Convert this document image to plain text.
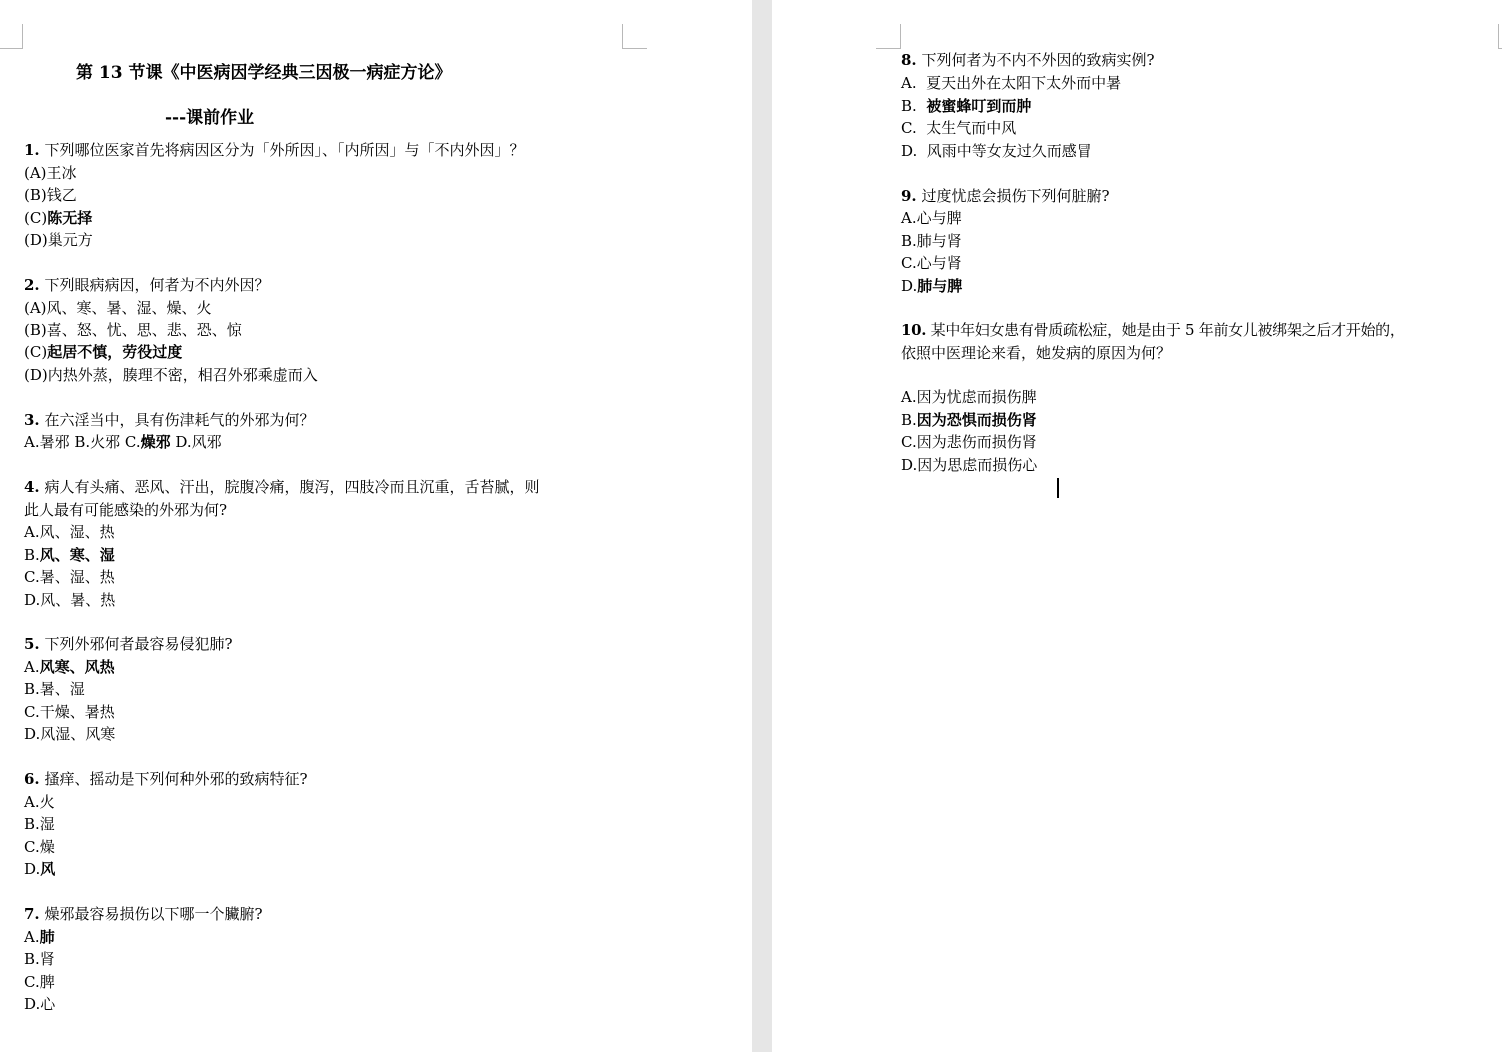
第 13 节课《中医病因学经典三因极一病症方论》
---课前作业
1. 下列哪位医家首先将病因区分为「外所因」、「内所因」与「不内外因」？
(A)王冰
(B)钱乙
(C)陈无择
(D)巢元方
2. 下列眼病病因，何者为不内外因？
(A)风、寒、暑、湿、燥、火
(B)喜、怒、忧、思、悲、恐、惊
(C)起居不慎，劳役过度
(D)内热外蒸，腠理不密，相召外邪乘虚而入
3. 在六淫当中，具有伤津耗气的外邪为何？
A.暑邪 B.火邪 C.燥邪 D.风邪
4. 病人有头痛、恶风、汗出，脘腹冷痛，腹泻，四肢冷而且沉重，舌苔腻，则
此人最有可能感染的外邪为何?
A.风、湿、热
B.风、寒、湿
C.暑、湿、热
D.风、暑、热
5. 下列外邪何者最容易侵犯肺?
A.风寒、风热
B.暑、湿
C.干燥、暑热
D.风湿、风寒
6. 搔痒、摇动是下列何种外邪的致病特征?
A.火
B.湿
C.燥
D.风
7. 燥邪最容易损伤以下哪一个臟腑?
A.肺
B.肾
C.脾
D.心
8. 下列何者为不内不外因的致病实例?
A.  夏天出外在太阳下太外而中暑
B.  被蜜蜂叮到而肿
C.  太生气而中风
D.  风雨中等女友过久而感冒
9. 过度忧虑会损伤下列何脏腑?
A.心与脾
B.肺与肾
C.心与肾
D.肺与脾
10. 某中年妇女患有骨质疏松症，她是由于 5 年前女儿被绑架之后才开始的，
依照中医理论来看，她发病的原因为何？
A.因为忧虑而损伤脾
B.因为恐惧而损伤肾
C.因为悲伤而损伤肾
D.因为思虑而损伤心
